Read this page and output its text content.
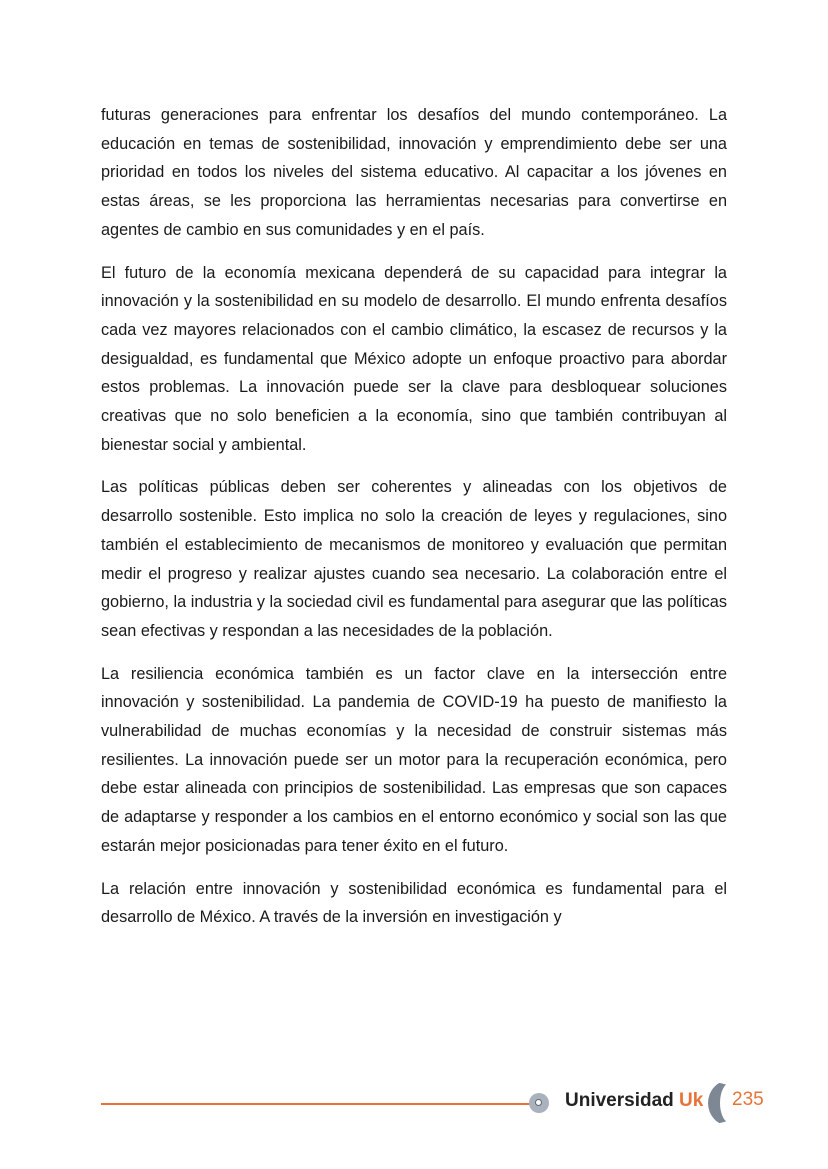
futuras generaciones para enfrentar los desafíos del mundo contemporáneo. La educación en temas de sostenibilidad, innovación y emprendimiento debe ser una prioridad en todos los niveles del sistema educativo. Al capacitar a los jóvenes en estas áreas, se les proporciona las herramientas necesarias para convertirse en agentes de cambio en sus comunidades y en el país.

El futuro de la economía mexicana dependerá de su capacidad para integrar la innovación y la sostenibilidad en su modelo de desarrollo. El mundo enfrenta desafíos cada vez mayores relacionados con el cambio climático, la escasez de recursos y la desigualdad, es fundamental que México adopte un enfoque proactivo para abordar estos problemas. La innovación puede ser la clave para desbloquear soluciones creativas que no solo beneficien a la economía, sino que también contribuyan al bienestar social y ambiental.

Las políticas públicas deben ser coherentes y alineadas con los objetivos de desarrollo sostenible. Esto implica no solo la creación de leyes y regulaciones, sino también el establecimiento de mecanismos de monitoreo y evaluación que permitan medir el progreso y realizar ajustes cuando sea necesario. La colaboración entre el gobierno, la industria y la sociedad civil es fundamental para asegurar que las políticas sean efectivas y respondan a las necesidades de la población.

La resiliencia económica también es un factor clave en la intersección entre innovación y sostenibilidad. La pandemia de COVID-19 ha puesto de manifiesto la vulnerabilidad de muchas economías y la necesidad de construir sistemas más resilientes. La innovación puede ser un motor para la recuperación económica, pero debe estar alineada con principios de sostenibilidad. Las empresas que son capaces de adaptarse y responder a los cambios en el entorno económico y social son las que estarán mejor posicionadas para tener éxito en el futuro.

La relación entre innovación y sostenibilidad económica es fundamental para el desarrollo de México. A través de la inversión en investigación y

Universidad Uk 235
